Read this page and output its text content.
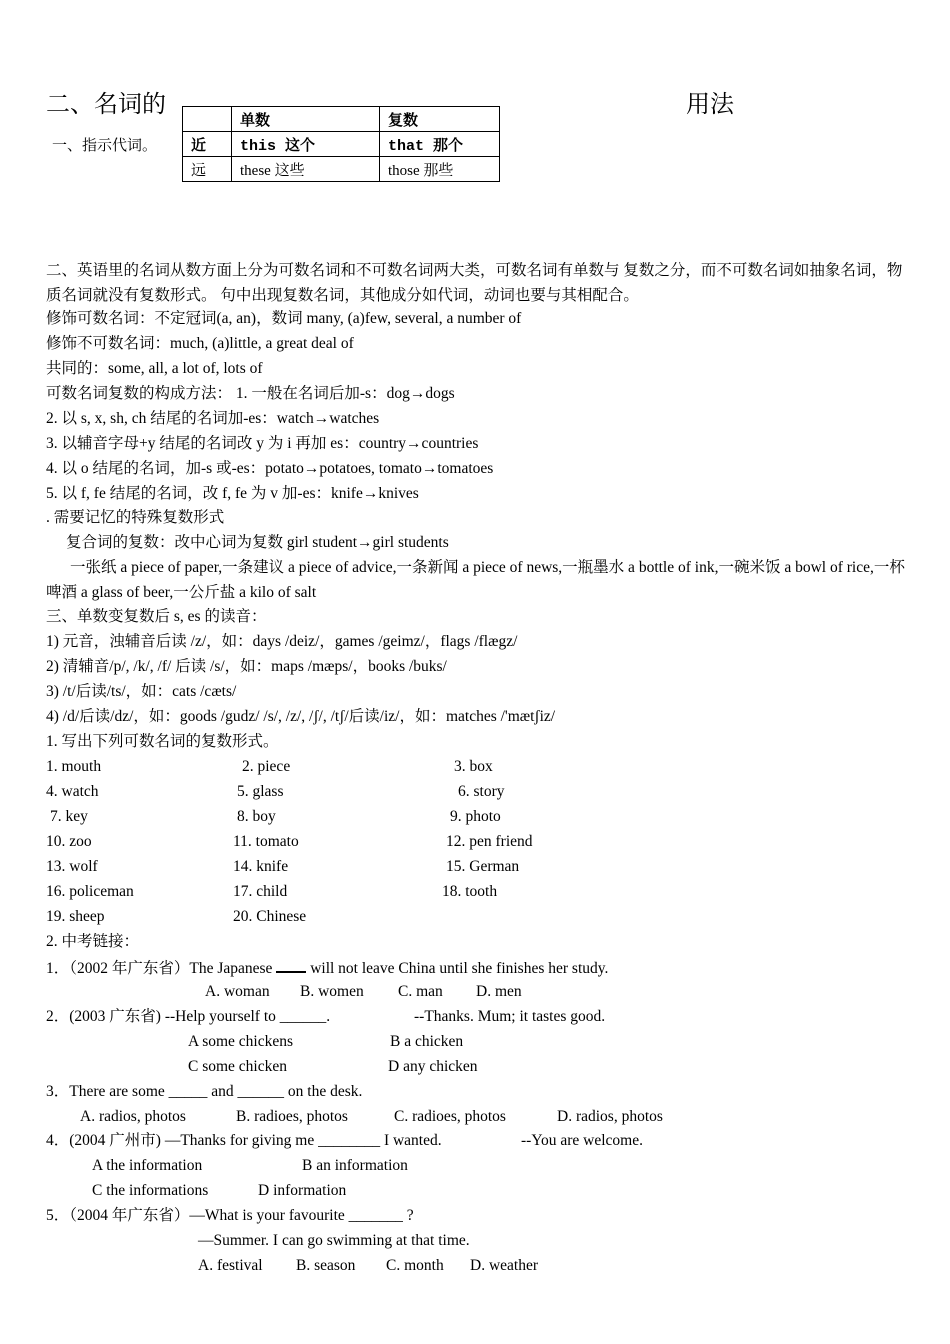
二、名词的	用法
一、指示代词。
	单数	复数
近	this 这个	that 那个
远	these 这些	those 那些
二、英语里的名词从数方面上分为可数名词和不可数名词两大类，可数名词有单数与 复数之分，而不可数名词如抽象名词，物质名词就没有复数形式。 句中出现复数名词，其他成分如代词，动词也要与其相配合。
修饰可数名词：不定冠词(a, an)，数词 many, (a)few, several, a number of
修饰不可数名词：much, (a)little, a great deal of
共同的：some, all, a lot of, lots of
可数名词复数的构成方法： 1. 一般在名词后加-s：dog→dogs
2. 以 s, x, sh, ch 结尾的名词加-es：watch→watches
3. 以辅音字母+y 结尾的名词改 y 为 i 再加 es：country→countries
4. 以 o 结尾的名词，加-s 或-es：potato→potatoes, tomato→tomatoes
5. 以 f, fe 结尾的名词，改 f, fe 为 v 加-es：knife→knives
. 需要记忆的特殊复数形式
复合词的复数：改中心词为复数 girl student→girl students
一张纸 a piece of paper,一条建议 a piece of advice,一条新闻 a piece of news,一瓶墨水 a bottle of ink,一碗米饭 a bowl of rice,一杯啤酒 a glass of beer,一公斤盐 a kilo of salt
三、单数变复数后 s, es 的读音：
1) 元音，浊辅音后读 /z/，如：days /deiz/，games /geimz/，flags /flægz/
2) 清辅音/p/, /k/, /f/ 后读 /s/，如：maps /mæps/，books /buks/
3) /t/后读/ts/，如：cats /cæts/
4) /d/后读/dz/，如：goods /gudz/ /s/, /z/, /ʃ/, /tʃ/后读/iz/，如：matches /'mætʃiz/
1. 写出下列可数名词的复数形式。
1. mouth	2. piece	3. box
4. watch	5. glass	6. story
7. key	8. boy	9. photo
10. zoo	11. tomato	12. pen friend
13. wolf	14. knife	15. German
16. policeman	17. child	18. tooth
19. sheep	20. Chinese
2. 中考链接：
1．（2002 年广东省）The Japanese will not leave China until she finishes her study.
A. woman B. women C. man D. men
2．(2003 广东省) --Help yourself to ______.	--Thanks. Mum; it tastes good.
A some chickens	B a chicken
C some chicken	D any chicken
3．There are some _____ and ______ on the desk.
A. radios, photos	B. radioes, photos	C. radioes, photos	D. radios, photos
4．(2004 广州市) —Thanks for giving me ________ I wanted.	--You are welcome.
A the information	B an information
C the informations	D information
5．（2004 年广东省）—What is your favourite _______ ?
—Summer. I can go swimming at that time.
A. festival B. season C. month D. weather
